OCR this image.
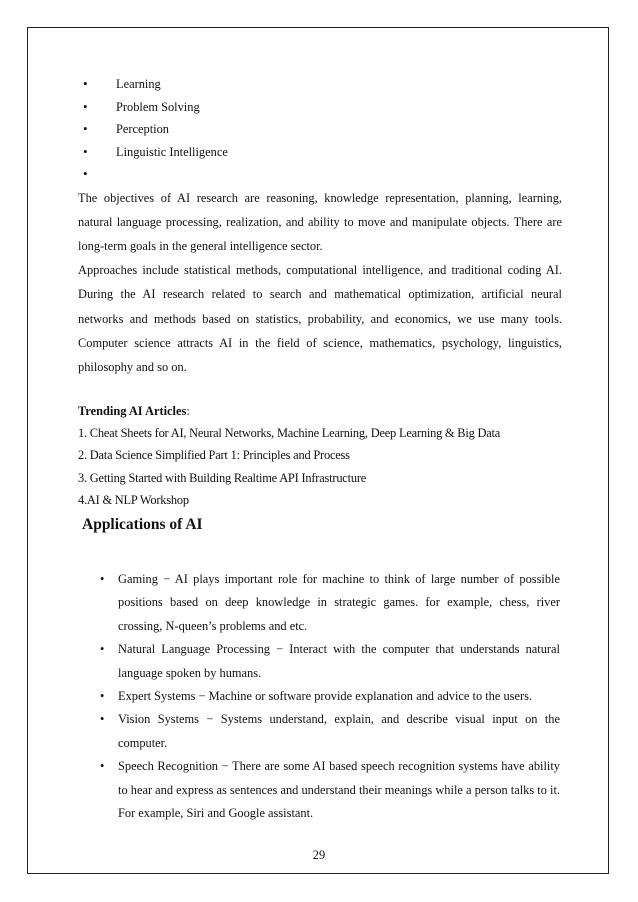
• Learning
• Problem Solving
• Perception
• Linguistic Intelligence
•

The objectives of AI research are reasoning, knowledge representation, planning, learning, natural language processing, realization, and ability to move and manipulate objects. There are long-term goals in the general intelligence sector.

Approaches include statistical methods, computational intelligence, and traditional coding AI. During the AI research related to search and mathematical optimization, artificial neural networks and methods based on statistics, probability, and economics, we use many tools. Computer science attracts AI in the field of science, mathematics, psychology, linguistics, philosophy and so on.

Trending AI Articles:

1. Cheat Sheets for AI, Neural Networks, Machine Learning, Deep Learning & Big Data
2. Data Science Simplified Part 1: Principles and Process
3. Getting Started with Building Realtime API Infrastructure
4.AI & NLP Workshop
Applications of AI
• Gaming − AI plays important role for machine to think of large number of possible positions based on deep knowledge in strategic games. for example, chess, river crossing, N-queen’s problems and etc.
• Natural Language Processing − Interact with the computer that understands natural language spoken by humans.
• Expert Systems − Machine or software provide explanation and advice to the users.
• Vision Systems − Systems understand, explain, and describe visual input on the computer.
• Speech Recognition − There are some AI based speech recognition systems have ability to hear and express as sentences and understand their meanings while a person talks to it. For example, Siri and Google assistant.
29
